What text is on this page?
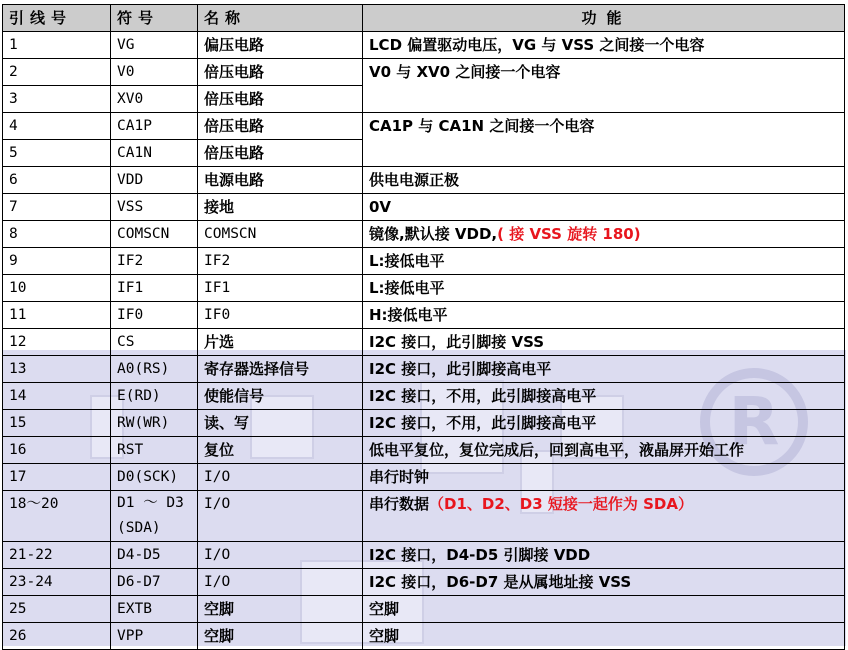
R
引线号	符号	名称	功能
1	VG	偏压电路	LCD 偏置驱动电压，VG 与 VSS 之间接一个电容
2	V0	倍压电路	V0 与 XV0 之间接一个电容
3	XV0	倍压电路	
4	CA1P	倍压电路	CA1P 与 CA1N 之间接一个电容
5	CA1N	倍压电路	
6	VDD	电源电路	供电电源正极
7	VSS	接地	0V
8	COMSCN	COMSCN	镜像,默认接 VDD,( 接 VSS 旋转 180)
9	IF2	IF2	L:接低电平
10	IF1	IF1	L:接低电平
11	IF0	IF0	H:接低电平
12	CS	片选	I2C 接口，此引脚接 VSS
13	A0(RS)	寄存器选择信号	I2C 接口，此引脚接高电平
14	E(RD)	使能信号	I2C 接口，不用，此引脚接高电平
15	RW(WR)	读、写	I2C 接口，不用，此引脚接高电平
16	RST	复位	低电平复位，复位完成后，回到高电平，液晶屏开始工作
17	D0(SCK)	I/O	串行时钟
18～20	D1 ～ D3 (SDA)	I/O	串行数据（D1、D2、D3 短接一起作为 SDA）
21-22	D4-D5	I/O	I2C 接口，D4-D5 引脚接 VDD
23-24	D6-D7	I/O	I2C 接口，D6-D7 是从属地址接 VSS
25	EXTB	空脚	空脚
26	VPP	空脚	空脚
